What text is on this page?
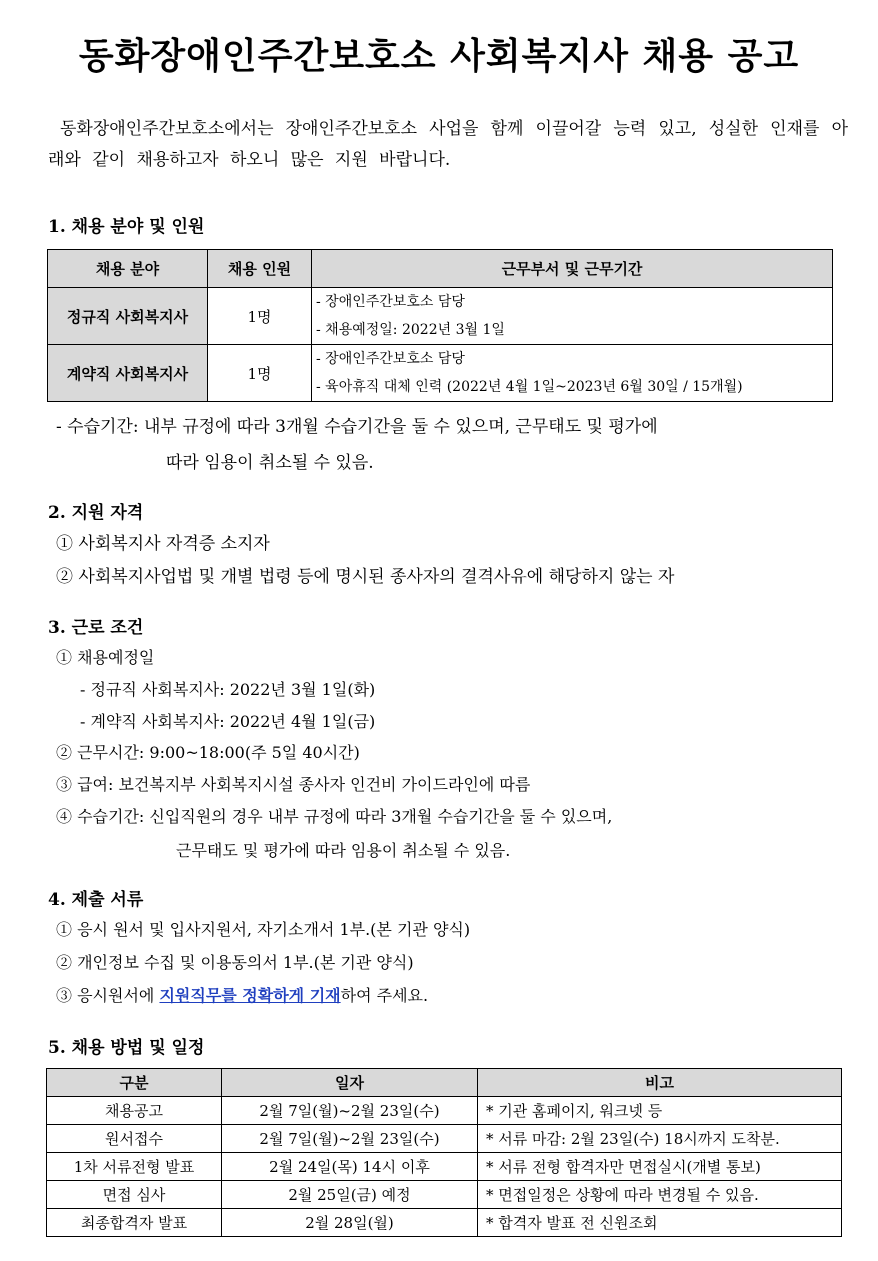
동화장애인주간보호소 사회복지사 채용 공고
동화장애인주간보호소에서는 장애인주간보호소 사업을 함께 이끌어갈 능력 있고, 성실한 인재를 아래와 같이 채용하고자 하오니 많은 지원 바랍니다.
1. 채용 분야 및 인원
채용 분야	채용 인원	근무부서 및 근무기간
정규직 사회복지사	1명	- 장애인주간보호소 담당
- 채용예정일: 2022년 3월 1일

계약직 사회복지사	1명	- 장애인주간보호소 담당
- 육아휴직 대체 인력 (2022년 4월 1일~2023년 6월 30일 / 15개월)
- 수습기간: 내부 규정에 따라 3개월 수습기간을 둘 수 있으며, 근무태도 및 평가에
따라 임용이 취소될 수 있음.
2. 지원 자격
① 사회복지사 자격증 소지자
② 사회복지사업법 및 개별 법령 등에 명시된 종사자의 결격사유에 해당하지 않는 자
3. 근로 조건
① 채용예정일
- 정규직 사회복지사: 2022년 3월 1일(화)
- 계약직 사회복지사: 2022년 4월 1일(금)
② 근무시간: 9:00~18:00(주 5일 40시간)
③ 급여: 보건복지부 사회복지시설 종사자 인건비 가이드라인에 따름
④ 수습기간: 신입직원의 경우 내부 규정에 따라 3개월 수습기간을 둘 수 있으며,
근무태도 및 평가에 따라 임용이 취소될 수 있음.
4. 제출 서류
① 응시 원서 및 입사지원서, 자기소개서 1부.(본 기관 양식)
② 개인정보 수집 및 이용동의서 1부.(본 기관 양식)
③ 응시원서에 지원직무를 정확하게 기재하여 주세요.
5. 채용 방법 및 일정
구분	일자	비고
채용공고	2월 7일(월)~2월 23일(수)	* 기관 홈페이지, 워크넷 등
원서접수	2월 7일(월)~2월 23일(수)	* 서류 마감: 2월 23일(수) 18시까지 도착분.
1차 서류전형 발표	2월 24일(목) 14시 이후	* 서류 전형 합격자만 면접실시(개별 통보)
면접 심사	2월 25일(금) 예정	* 면접일정은 상황에 따라 변경될 수 있음.
최종합격자 발표	2월 28일(월)	* 합격자 발표 전 신원조회
